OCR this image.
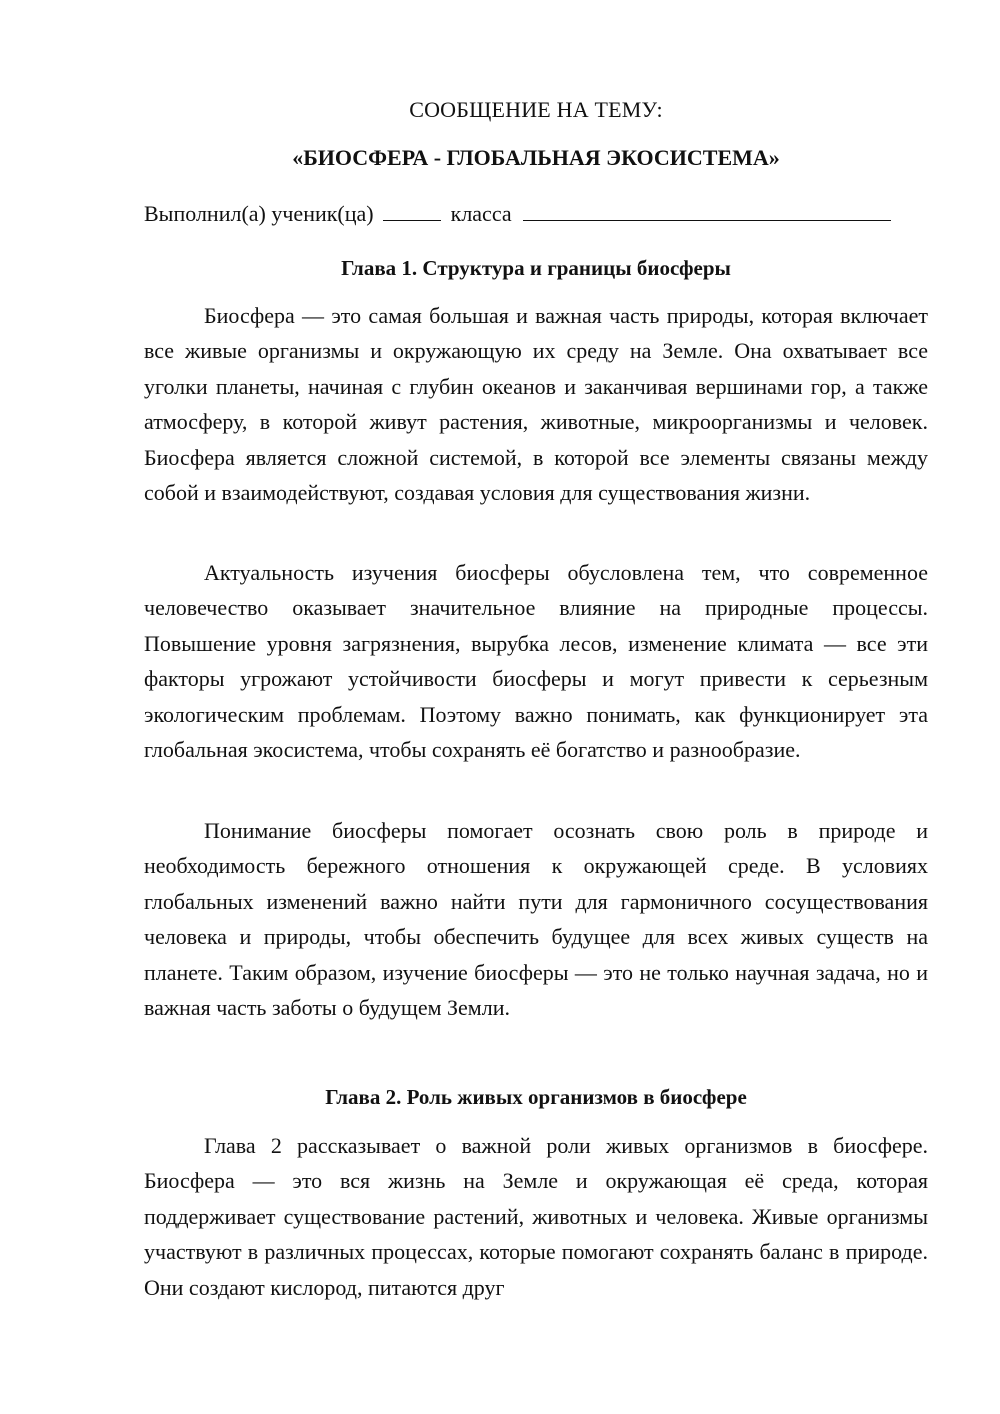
СООБЩЕНИЕ НА ТЕМУ:
«БИОСФЕРА - ГЛОБАЛЬНАЯ ЭКОСИСТЕМА»
Выполнил(а) ученик(ца)	класса
Глава 1. Структура и границы биосферы

Биосфера — это самая большая и важная часть природы, которая включает все живые организмы и окружающую их среду на Земле. Она охватывает все уголки планеты, начиная с глубин океанов и заканчивая вершинами гор, а также атмосферу, в которой живут растения, животные, микроорганизмы и человек. Биосфера является сложной системой, в которой все элементы связаны между собой и взаимодействуют, создавая условия для существования жизни.

Актуальность изучения биосферы обусловлена тем, что современное человечество оказывает значительное влияние на природные процессы. Повышение уровня загрязнения, вырубка лесов, изменение климата — все эти факторы угрожают устойчивости биосферы и могут привести к серьезным экологическим проблемам. Поэтому важно понимать, как функционирует эта глобальная экосистема, чтобы сохранять её богатство и разнообразие.

Понимание биосферы помогает осознать свою роль в природе и необходимость бережного отношения к окружающей среде. В условиях глобальных изменений важно найти пути для гармоничного сосуществования человека и природы, чтобы обеспечить будущее для всех живых существ на планете. Таким образом, изучение биосферы — это не только научная задача, но и важная часть заботы о будущем Земли.

Глава 2. Роль живых организмов в биосфере

Глава 2 рассказывает о важной роли живых организмов в биосфере. Биосфера — это вся жизнь на Земле и окружающая её среда, которая поддерживает существование растений, животных и человека. Живые организмы участвуют в различных процессах, которые помогают сохранять баланс в природе. Они создают кислород, питаются друг
